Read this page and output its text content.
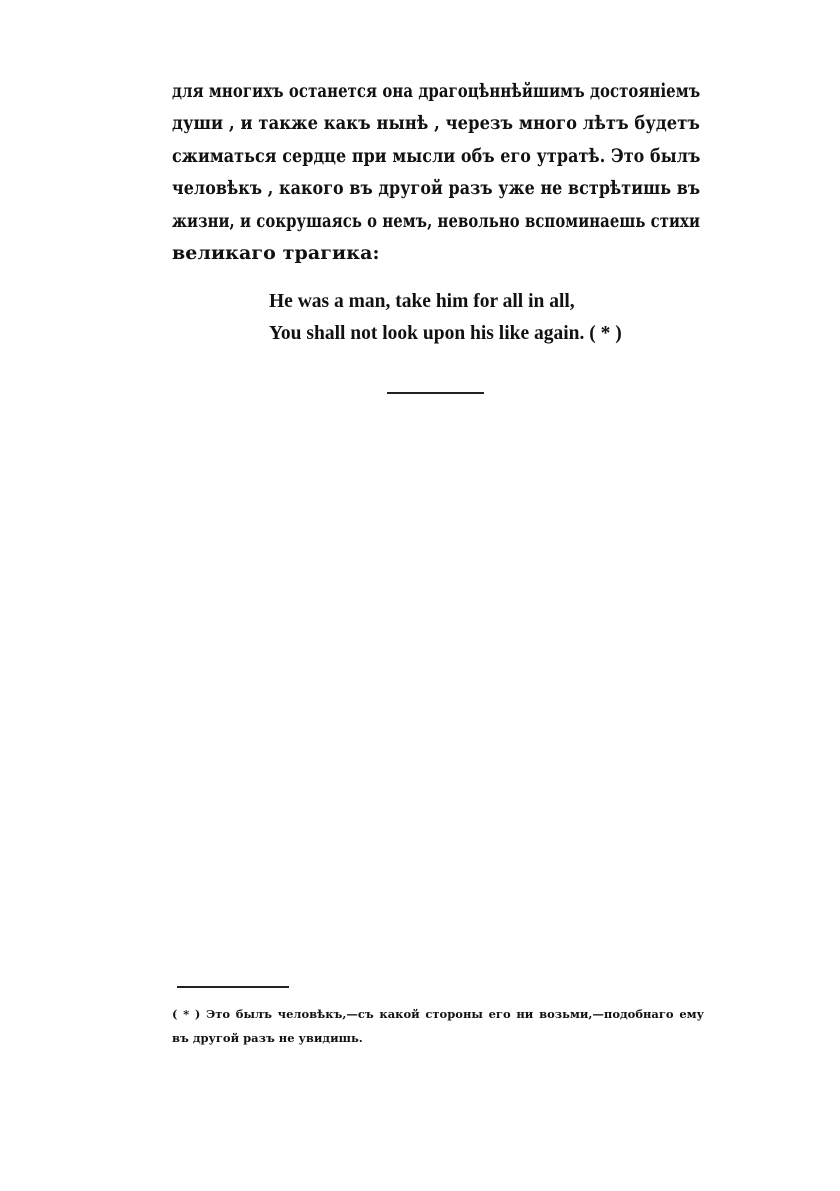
для многихъ останется она драгоцѣннѣйшимъ достояніемъ
души , и также какъ нынѣ , черезъ много лѣтъ будетъ
сжиматься сердце при мысли объ его утратѣ. Это былъ
человѣкъ , какого въ другой разъ уже не встрѣтишь въ
жизни, и сокрушаясь о немъ, невольно вспоминаешь стихи
великаго трагика:
He was a man, take him for all in all,
You shall not look upon his like again. ( * )
( * ) Это былъ человѣкъ,—съ какой стороны его ни возьми,—подобнаго ему
въ другой разъ не увидишь.
